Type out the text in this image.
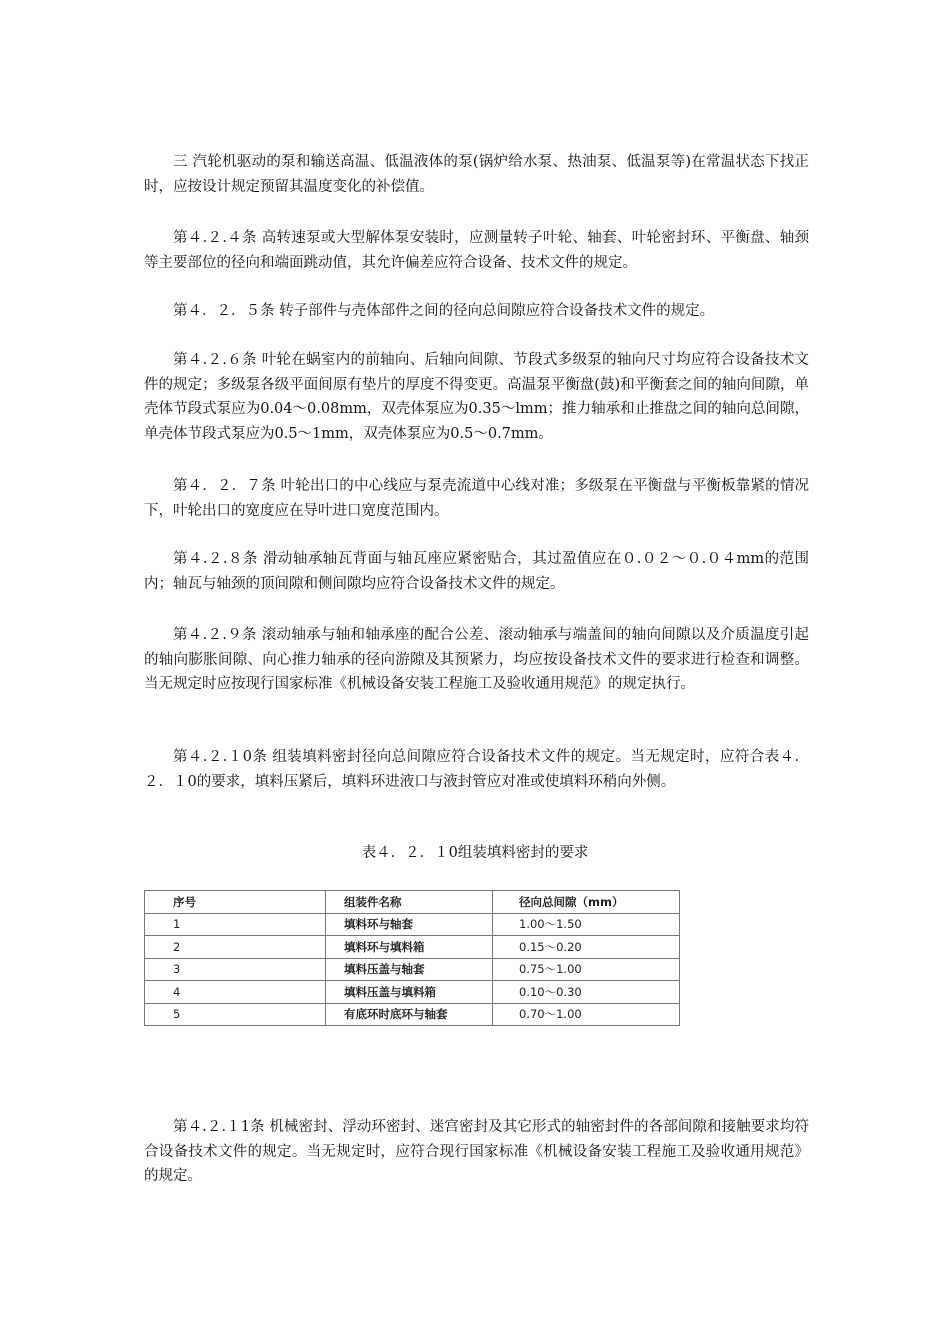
三 汽轮机驱动的泵和输送高温、低温液体的泵(锅炉给水泵、热油泵、低温泵等)在常温状态下找正时，应按设计规定预留其温度变化的补偿值。

第４.２.４条 高转速泵或大型解体泵安装时，应测量转子叶轮、轴套、叶轮密封环、平衡盘、轴颈等主要部位的径向和端面跳动值，其允许偏差应符合设备、技术文件的规定。

第４．２．５条 转子部件与壳体部件之间的径向总间隙应符合设备技术文件的规定。

第４.２.６条 叶轮在蜗室内的前轴向、后轴向间隙、节段式多级泵的轴向尺寸均应符合设备技术文件的规定；多级泵各级平面间原有垫片的厚度不得变更。高温泵平衡盘(鼓)和平衡套之间的轴向间隙，单壳体节段式泵应为0.04～0.08mm，双壳体泵应为0.35～lmm；推力轴承和止推盘之间的轴向总间隙，单壳体节段式泵应为0.5～1mm，双壳体泵应为0.5～0.7mm。

第４．２．７条 叶轮出口的中心线应与泵壳流道中心线对准；多级泵在平衡盘与平衡板靠紧的情况下，叶轮出口的宽度应在导叶进口宽度范围内。

第４.２.８条 滑动轴承轴瓦背面与轴瓦座应紧密贴合，其过盈值应在０.０２～０.０４mm的范围内；轴瓦与轴颈的顶间隙和侧间隙均应符合设备技术文件的规定。

第４.２.９条 滚动轴承与轴和轴承座的配合公差、滚动轴承与端盖间的轴向间隙以及介质温度引起的轴向膨胀间隙、向心推力轴承的径向游隙及其预紧力，均应按设备技术文件的要求进行检查和调整。当无规定时应按现行国家标准《机械设备安装工程施工及验收通用规范》的规定执行。

第４.２.１0条 组装填料密封径向总间隙应符合设备技术文件的规定。当无规定时，应符合表４．２．１0的要求，填料压紧后，填料环进液口与液封管应对准或使填料环稍向外侧。

表４．２．１0组装填料密封的要求

序号	组装件名称	径向总间隙（mm）
1	填料环与轴套	1.00～1.50
2	填料环与填料箱	0.15～0.20
3	填料压盖与轴套	0.75～1.00
4	填料压盖与填料箱	0.10～0.30
5	有底环时底环与轴套	0.70～1.00

第４.２.１1条 机械密封、浮动环密封、迷宫密封及其它形式的轴密封件的各部间隙和接触要求均符合设备技术文件的规定。当无规定时，应符合现行国家标准《机械设备安装工程施工及验收通用规范》的规定。
